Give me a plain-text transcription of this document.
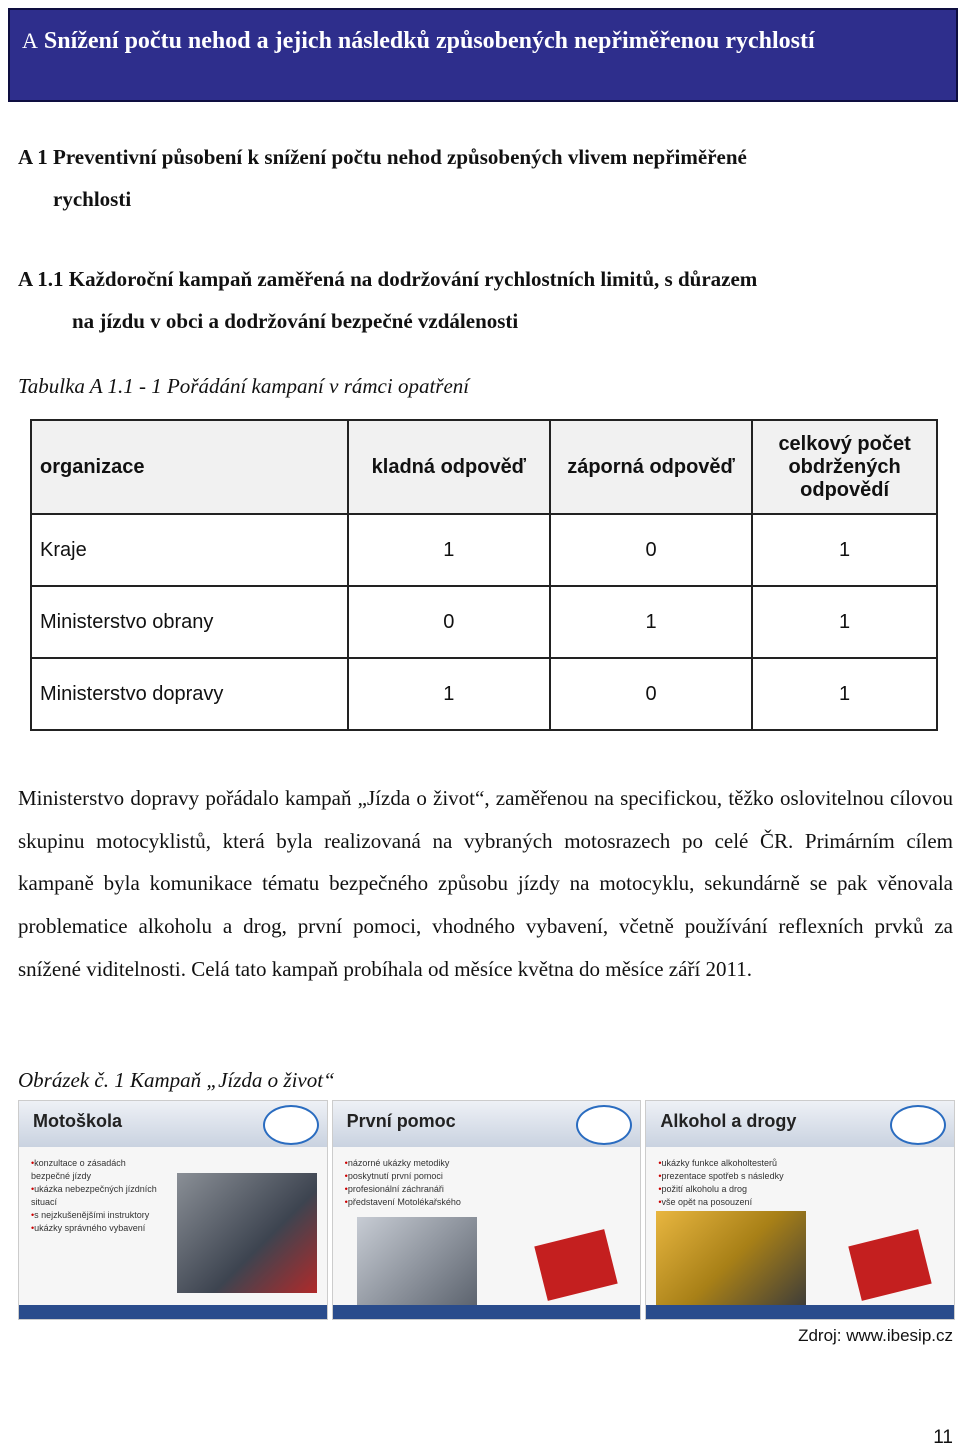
A Snížení počtu nehod a jejich následků způsobených nepřiměřenou rychlostí
A 1 Preventivní působení k snížení počtu nehod způsobených vlivem nepřiměřené
rychlosti
A 1.1 Každoroční kampaň zaměřená na dodržování rychlostních limitů, s důrazem
na jízdu v obci a dodržování bezpečné vzdálenosti
Tabulka A 1.1 - 1 Pořádání kampaní v rámci opatření
organizace	kladná odpověď	záporná odpověď	celkový počet obdržených odpovědí
Kraje	1	0	1
Ministerstvo obrany	0	1	1
Ministerstvo dopravy	1	0	1
Ministerstvo dopravy pořádalo kampaň „Jízda o život“, zaměřenou na specifickou, těžko oslovitelnou cílovou skupinu motocyklistů, která byla realizovaná na vybraných motosrazech po celé ČR. Primárním cílem kampaně byla komunikace tématu bezpečného způsobu jízdy na motocyklu, sekundárně se pak věnovala problematice alkoholu a drog, první pomoci, vhodného vybavení, včetně používání reflexních prvků za snížené viditelnosti. Celá tato kampaň probíhala od měsíce května do měsíce září 2011.
Obrázek č. 1 Kampaň „Jízda o život“
Motoškola
• konzultace o zásadách bezpečné jízdy
• ukázka nebezpečných jízdních situací
• s nejzkušenějšími instruktory
• ukázky správného vybavení
První pomoc
• názorné ukázky metodiky
• poskytnutí první pomoci
• profesionální záchranáři
• představení Motolékařského
Alkohol a drogy
• ukázky funkce alkoholtesterů
• prezentace spotřeb s následky
• požití alkoholu a drog
• vše opět na posouzení
Zdroj: www.ibesip.cz
11
